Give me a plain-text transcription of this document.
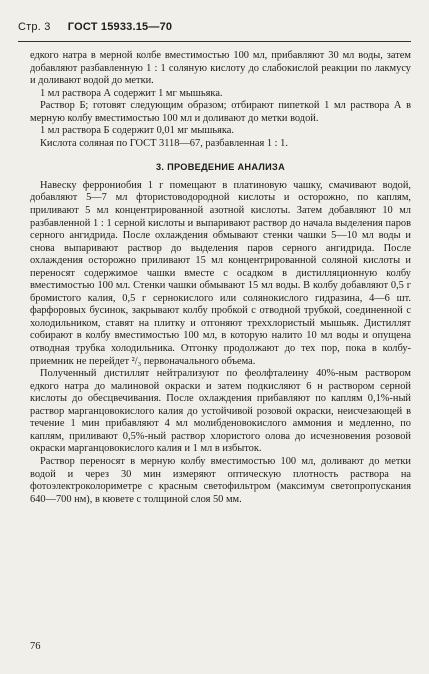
Стр. 3 ГОСТ 15933.15—70

едкого натра в мерной колбе вместимостью 100 мл, прибавляют 30 мл воды, затем добавляют разбавленную 1 : 1 соляную кислоту до слабокислой реакции по лакмусу и доливают водой до метки.

1 мл раствора А содержит 1 мг мышьяка.

Раствор Б; готовят следующим образом; отбирают пипеткой 1 мл раствора А в мерную колбу вместимостью 100 мл и доливают до метки водой.

1 мл раствора Б содержит 0,01 мг мышьяка.

Кислота соляная по ГОСТ 3118—67, разбавленная 1 : 1.

3. ПРОВЕДЕНИЕ АНАЛИЗА

Навеску феррониобия 1 г помещают в платиновую чашку, смачивают водой, добавляют 5—7 мл фтористоводородной кислоты и осторожно, по каплям, приливают 5 мл концентрированной азотной кислоты. Затем добавляют 10 мл разбавленной 1 : 1 серной кислоты и выпаривают раствор до начала выделения паров серного ангидрида. После охлаждения обмывают стенки чашки 5—10 мл воды и снова выпаривают раствор до выделения паров серного ангидрида. После охлаждения осторожно приливают 15 мл концентрированной соляной кислоты и переносят содержимое чашки вместе с осадком в дистилляционную колбу вместимостью 100 мл. Стенки чашки обмывают 15 мл воды. В колбу добавляют 0,5 г бромистого калия, 0,5 г сернокислого или солянокислого гидразина, 4—6 шт. фарфоровых бусинок, закрывают колбу пробкой с отводной трубкой, соединенной с холодильником, ставят на плитку и отгоняют треххлористый мышьяк. Дистиллят собирают в колбу вместимостью 100 мл, в которую налито 10 мл воды и опущена отводная трубка холодильника. Отгонку продолжают до тех пор, пока в колбу-приемник не перейдет ²/₃ первоначального объема.

Полученный дистиллят нейтрализуют по феолфталеину 40%-ным раствором едкого натра до малиновой окраски и затем подкисляют 6 н раствором серной кислоты до обесцвечивания. После охлаждения прибавляют по каплям 0,1%-ный раствор марганцовокислого калия до устойчивой розовой окраски, неисчезающей в течение 1 мин прибавляют 4 мл молибденовокислого аммония и медленно, по каплям, приливают 0,5%-ный раствор хлористого олова до исчезновения розовой окраски марганцовокислого калия и 1 мл в избыток.

Раствор переносят в мерную колбу вместимостью 100 мл, доливают до метки водой и через 30 мин измеряют оптическую плотность раствора на фотоэлектроколориметре с красным светофильтром (максимум светопропускания 640—700 нм), в кювете с толщиной слоя 50 мм.

76
